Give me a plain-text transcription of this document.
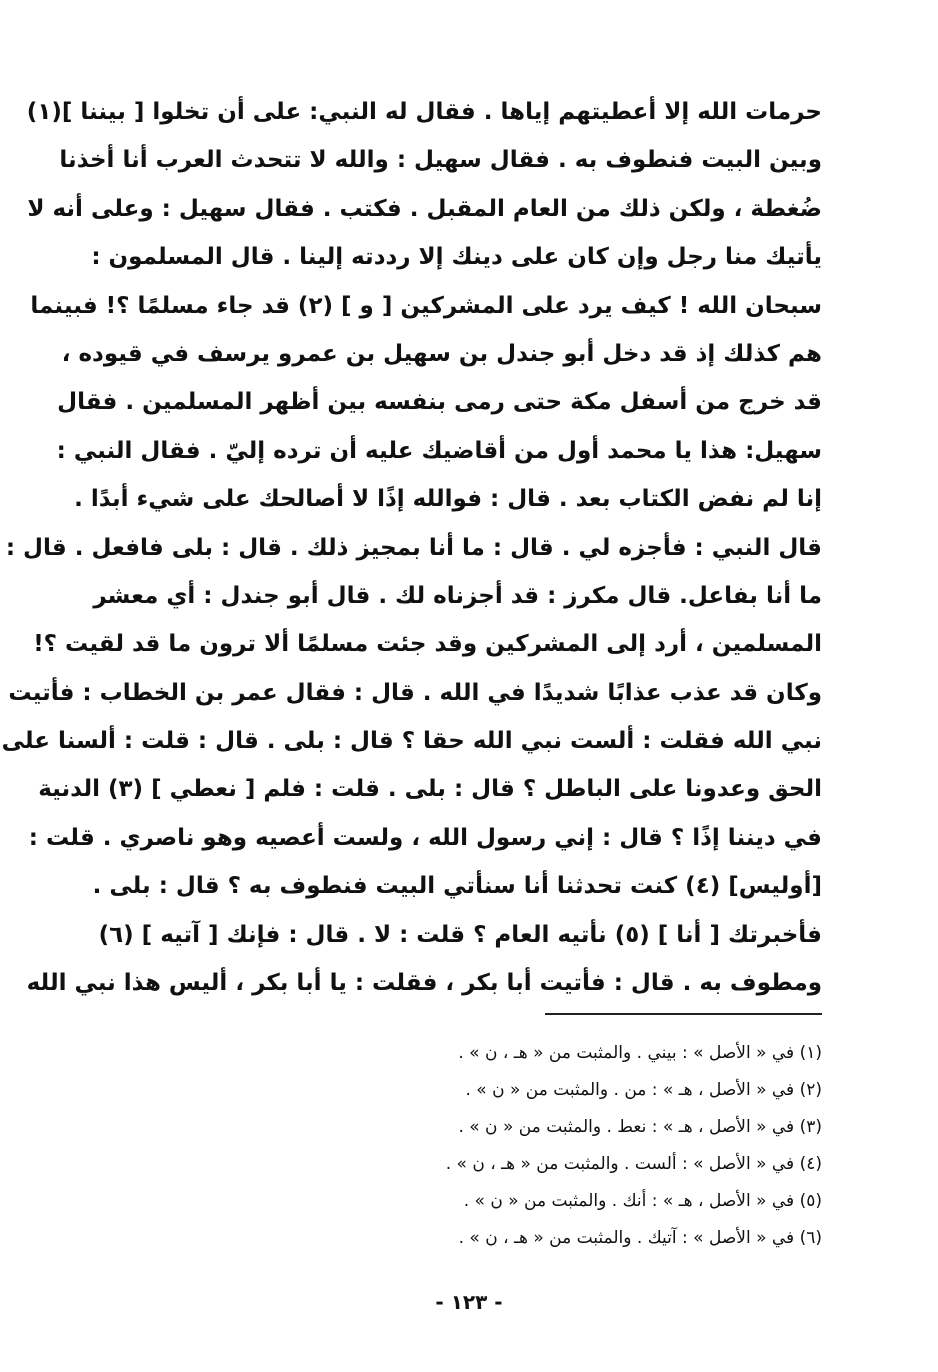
حرمات الله إلا أعطيتهم إياها . فقال له النبي: على أن تخلوا [ بيننا ](١)
وبين البيت فنطوف به . فقال سهيل : والله لا تتحدث العرب أنا أخذنا
ضُغطة ، ولكن ذلك من العام المقبل . فكتب . فقال سهيل : وعلى أنه لا
يأتيك منا رجل وإن كان على دينك إلا رددته إلينا . قال المسلمون :
سبحان الله ! كيف يرد على المشركين [ و ] (٢) قد جاء مسلمًا ؟! فبينما
هم كذلك إذ قد دخل أبو جندل بن سهيل بن عمرو يرسف في قيوده ،
قد خرج من أسفل مكة حتى رمى بنفسه بين أظهر المسلمين . فقال
سهيل: هذا يا محمد أول من أقاضيك عليه أن ترده إليّ . فقال النبي :
إنا لم نفض الكتاب بعد . قال : فوالله إذًا لا أصالحك على شيء أبدًا .
قال النبي : فأجزه لي . قال : ما أنا بمجيز ذلك . قال : بلى فافعل . قال :
ما أنا بفاعل. قال مكرز : قد أجزناه لك . قال أبو جندل : أي معشر
المسلمين ، أرد إلى المشركين وقد جئت مسلمًا ألا ترون ما قد لقيت ؟!
وكان قد عذب عذابًا شديدًا في الله . قال : فقال عمر بن الخطاب : فأتيت
نبي الله فقلت : ألست نبي الله حقا ؟ قال : بلى . قال : قلت : ألسنا على
الحق وعدونا على الباطل ؟ قال : بلى . قلت : فلم [ نعطي ] (٣) الدنية
في ديننا إذًا ؟ قال : إني رسول الله ، ولست أعصيه وهو ناصري . قلت :
[أوليس] (٤) كنت تحدثنا أنا سنأتي البيت فنطوف به ؟ قال : بلى .
فأخبرتك [ أنا ] (٥) نأتيه العام ؟ قلت : لا . قال : فإنك [ آتيه ] (٦)
ومطوف به . قال : فأتيت أبا بكر ، فقلت : يا أبا بكر ، أليس هذا نبي الله
(١) في « الأصل » : بيني . والمثبت من « هـ ، ن » .
(٢) في « الأصل ، هـ » : من . والمثبت من « ن » .
(٣) في « الأصل ، هـ » : نعط . والمثبت من « ن » .
(٤) في « الأصل » : ألست . والمثبت من « هـ ، ن » .
(٥) في « الأصل ، هـ » : أنك . والمثبت من « ن » .
(٦) في « الأصل » : آتيك . والمثبت من « هـ ، ن » .
- ١٢٣ -
